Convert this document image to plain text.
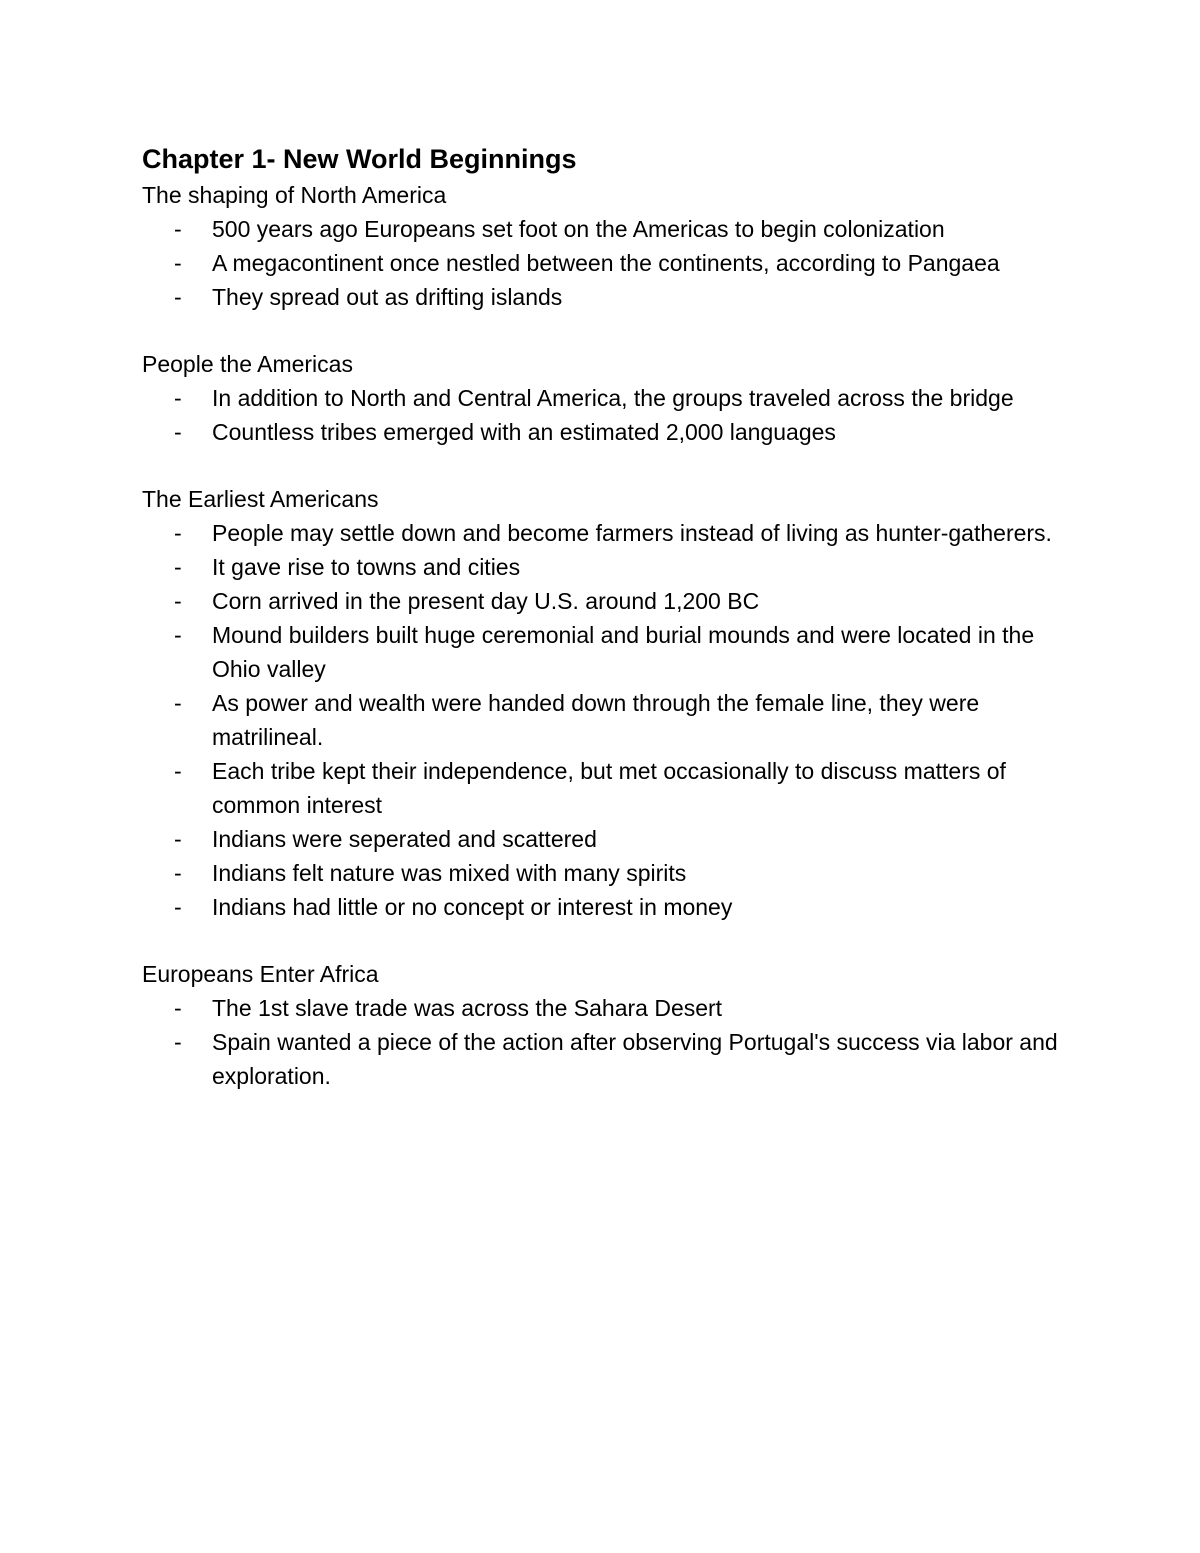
Chapter 1- New World Beginnings

The shaping of North America

- 500 years ago Europeans set foot on the Americas to begin colonization
- A megacontinent once nestled between the continents, according to Pangaea
- They spread out as drifting islands

People the Americas

- In addition to North and Central America, the groups traveled across the bridge
- Countless tribes emerged with an estimated 2,000 languages

The Earliest Americans

- People may settle down and become farmers instead of living as hunter-gatherers.
- It gave rise to towns and cities
- Corn arrived in the present day U.S. around 1,200 BC
- Mound builders built huge ceremonial and burial mounds and were located in the Ohio valley
- As power and wealth were handed down through the female line, they were matrilineal.
- Each tribe kept their independence, but met occasionally to discuss matters of common interest
- Indians were seperated and scattered
- Indians felt nature was mixed with many spirits
- Indians had little or no concept or interest in money

Europeans Enter Africa

- The 1st slave trade was across the Sahara Desert
- Spain wanted a piece of the action after observing Portugal's success via labor and exploration.
